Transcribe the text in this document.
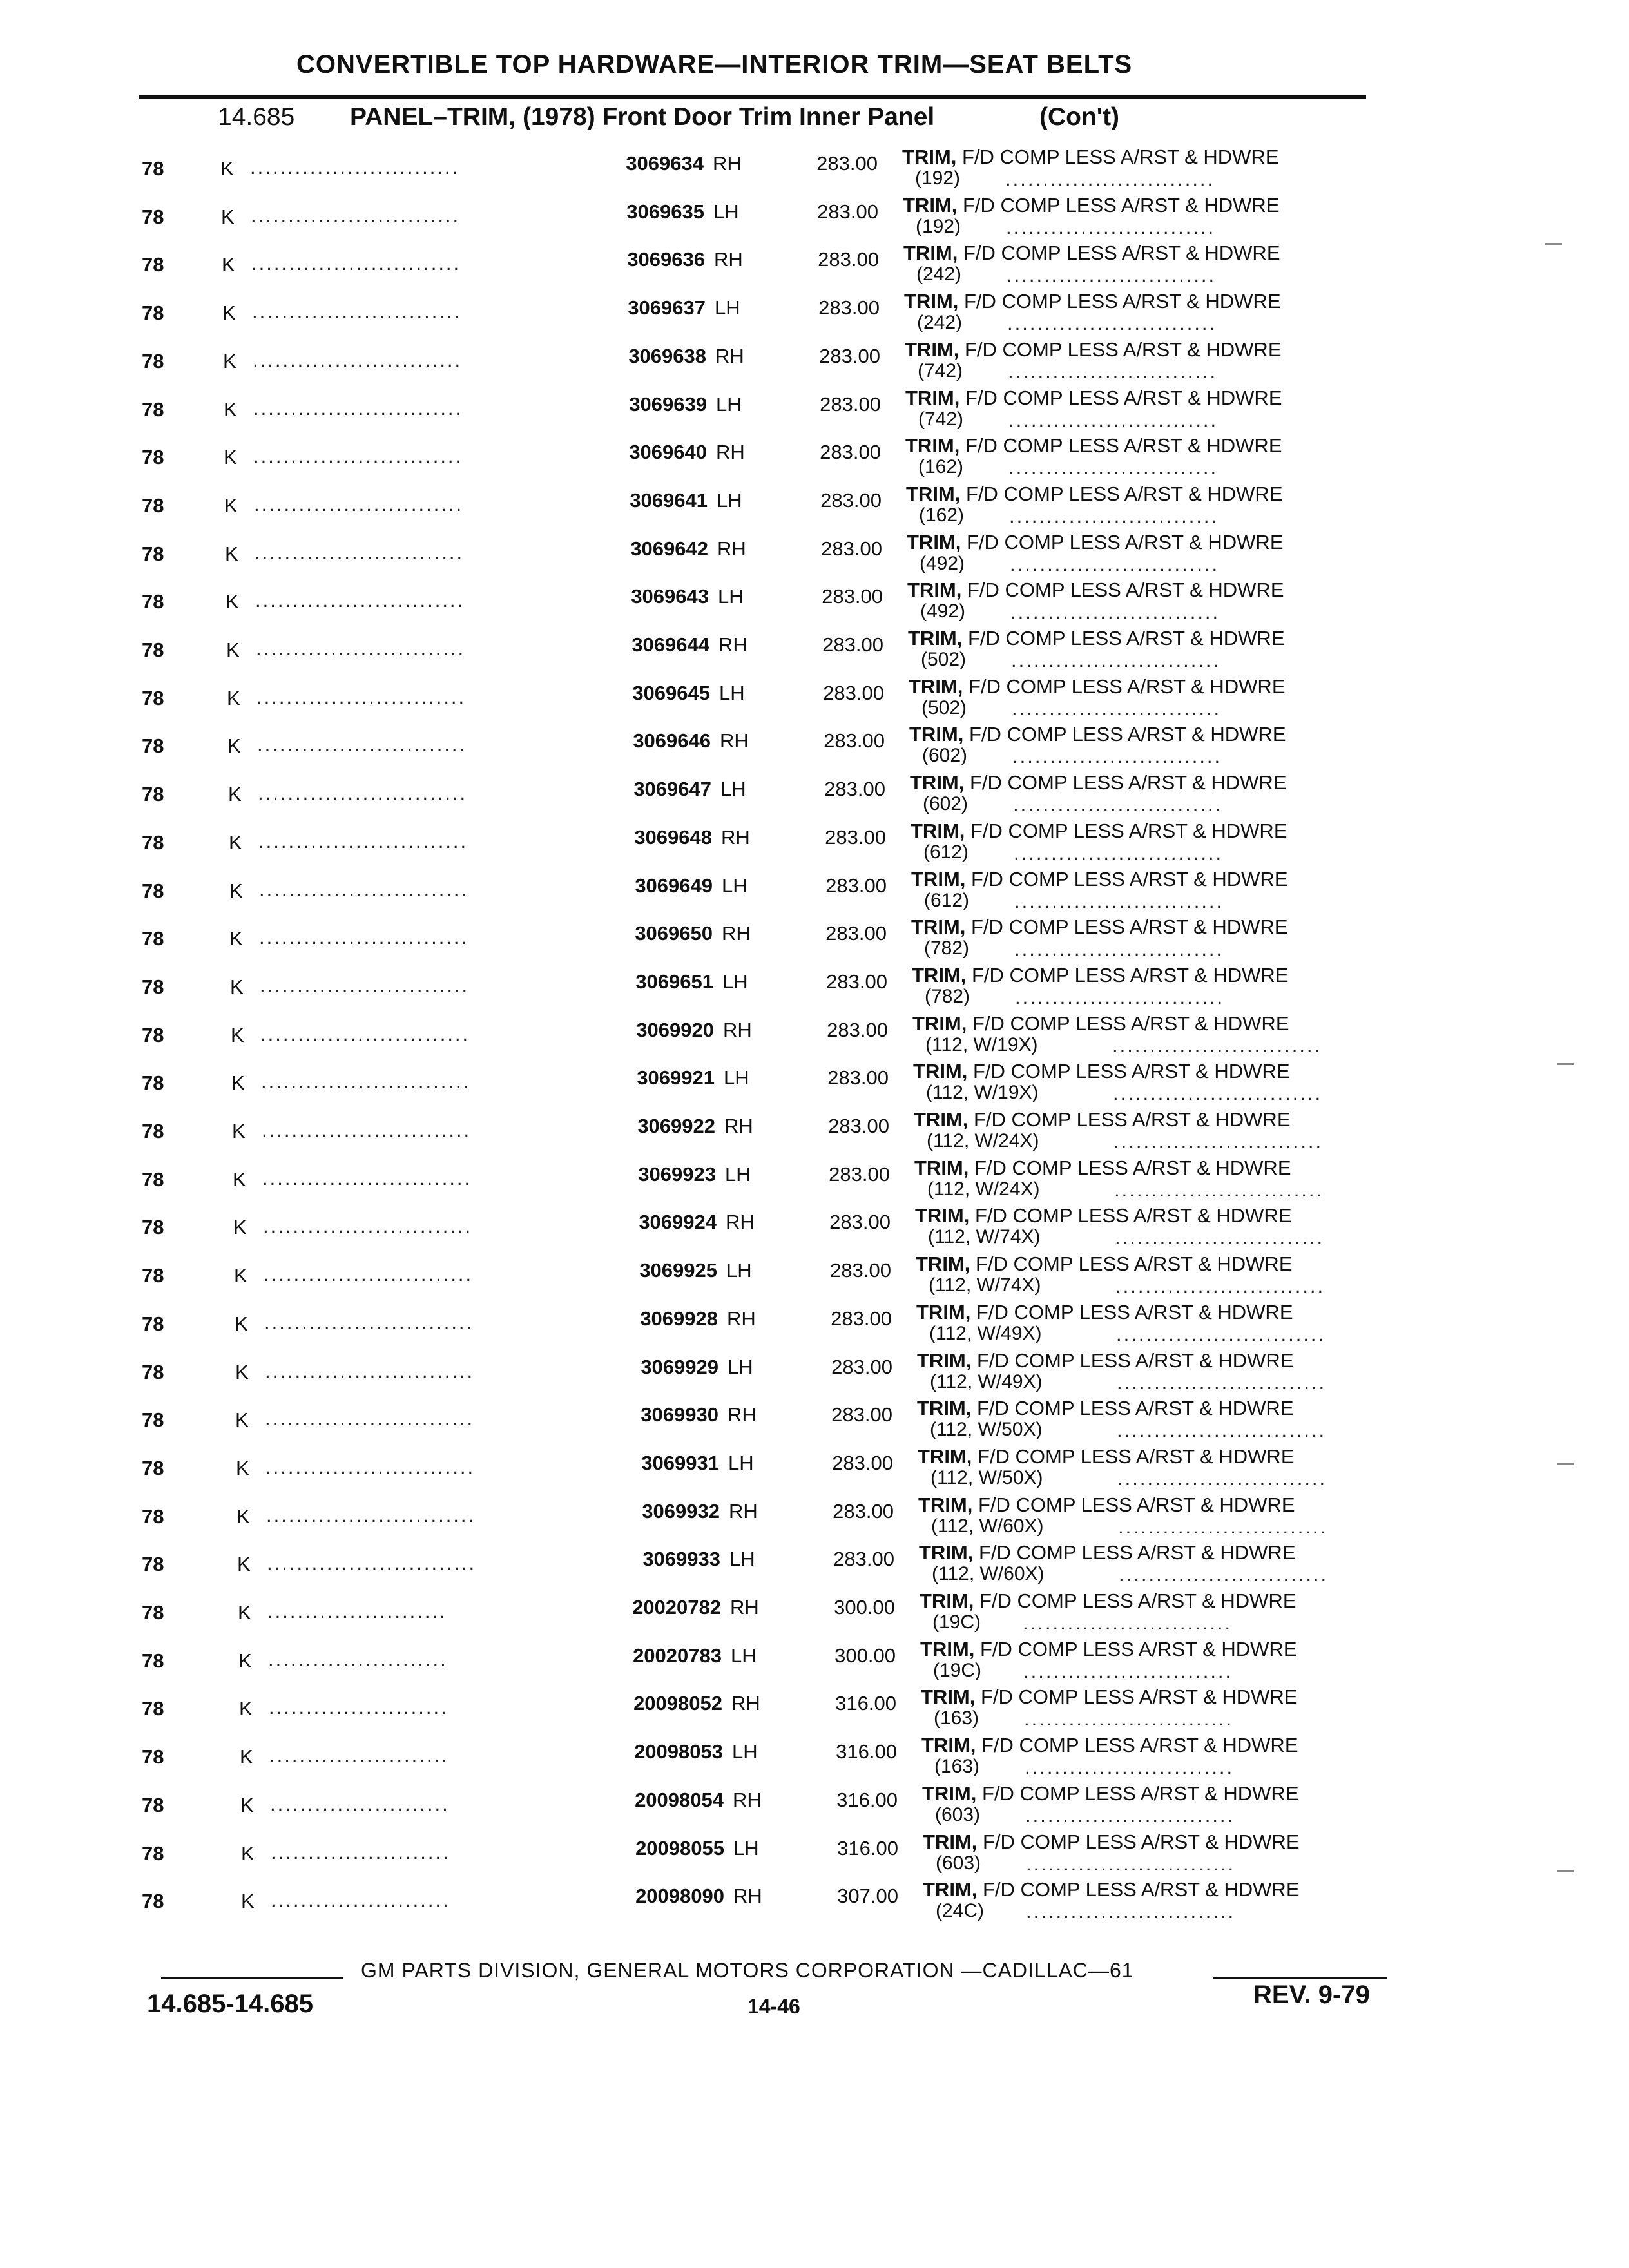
CONVERTIBLE TOP HARDWARE—INTERIOR TRIM—SEAT BELTS
14.685 PANEL–TRIM, (1978) Front Door Trim Inner Panel	(Con't)
78	K ............................	3069634 RH	283.00 TRIM, F/D COMP LESS A/RST & HDWRE
(192) ............................
78	K ............................	3069635 LH	283.00 TRIM, F/D COMP LESS A/RST & HDWRE
(192) ............................
78	K ............................	3069636 RH	283.00 TRIM, F/D COMP LESS A/RST & HDWRE
(242) ............................
78	K ............................	3069637 LH	283.00 TRIM, F/D COMP LESS A/RST & HDWRE
(242) ............................
78	K ............................	3069638 RH	283.00 TRIM, F/D COMP LESS A/RST & HDWRE
(742) ............................
78	K ............................	3069639 LH	283.00 TRIM, F/D COMP LESS A/RST & HDWRE
(742) ............................
78	K ............................	3069640 RH	283.00 TRIM, F/D COMP LESS A/RST & HDWRE
(162) ............................
78	K ............................	3069641 LH	283.00 TRIM, F/D COMP LESS A/RST & HDWRE
(162) ............................
78	K ............................	3069642 RH	283.00 TRIM, F/D COMP LESS A/RST & HDWRE
(492) ............................
78	K ............................	3069643 LH	283.00 TRIM, F/D COMP LESS A/RST & HDWRE
(492) ............................
78	K ............................	3069644 RH	283.00 TRIM, F/D COMP LESS A/RST & HDWRE
(502) ............................
78	K ............................	3069645 LH	283.00 TRIM, F/D COMP LESS A/RST & HDWRE
(502) ............................
78	K ............................	3069646 RH	283.00 TRIM, F/D COMP LESS A/RST & HDWRE
(602) ............................
78	K ............................	3069647 LH	283.00 TRIM, F/D COMP LESS A/RST & HDWRE
(602) ............................
78	K ............................	3069648 RH	283.00 TRIM, F/D COMP LESS A/RST & HDWRE
(612) ............................
78	K ............................	3069649 LH	283.00 TRIM, F/D COMP LESS A/RST & HDWRE
(612) ............................
78	K ............................	3069650 RH	283.00 TRIM, F/D COMP LESS A/RST & HDWRE
(782) ............................
78	K ............................	3069651 LH	283.00 TRIM, F/D COMP LESS A/RST & HDWRE
(782) ............................
78	K ............................	3069920 RH	283.00 TRIM, F/D COMP LESS A/RST & HDWRE
(112, W/19X)	............................
78	K ............................	3069921 LH	283.00 TRIM, F/D COMP LESS A/RST & HDWRE
(112, W/19X)	............................
78	K ............................	3069922 RH	283.00 TRIM, F/D COMP LESS A/RST & HDWRE
(112, W/24X)	............................
78	K ............................	3069923 LH	283.00 TRIM, F/D COMP LESS A/RST & HDWRE
(112, W/24X)	............................
78	K ............................	3069924 RH	283.00 TRIM, F/D COMP LESS A/RST & HDWRE
(112, W/74X)	............................
78	K ............................	3069925 LH	283.00 TRIM, F/D COMP LESS A/RST & HDWRE
(112, W/74X)	............................
78	K ............................	3069928 RH	283.00 TRIM, F/D COMP LESS A/RST & HDWRE
(112, W/49X)	............................
78	K ............................	3069929 LH	283.00 TRIM, F/D COMP LESS A/RST & HDWRE
(112, W/49X)	............................
78	K ............................	3069930 RH	283.00 TRIM, F/D COMP LESS A/RST & HDWRE
(112, W/50X)	............................
78	K ............................	3069931 LH	283.00 TRIM, F/D COMP LESS A/RST & HDWRE
(112, W/50X)	............................
78	K ............................	3069932 RH	283.00 TRIM, F/D COMP LESS A/RST & HDWRE
(112, W/60X)	............................
78	K ............................	3069933 LH	283.00 TRIM, F/D COMP LESS A/RST & HDWRE
(112, W/60X)	............................
78	K ........................	20020782 RH	300.00 TRIM, F/D COMP LESS A/RST & HDWRE
(19C) ............................
78	K ........................	20020783 LH	300.00 TRIM, F/D COMP LESS A/RST & HDWRE
(19C) ............................
78	K ........................	20098052 RH	316.00 TRIM, F/D COMP LESS A/RST & HDWRE
(163) ............................
78	K ........................	20098053 LH	316.00 TRIM, F/D COMP LESS A/RST & HDWRE
(163) ............................
78	K ........................	20098054 RH	316.00 TRIM, F/D COMP LESS A/RST & HDWRE
(603) ............................
78	K ........................	20098055 LH	316.00 TRIM, F/D COMP LESS A/RST & HDWRE
(603) ............................
78	K ........................	20098090 RH	307.00 TRIM, F/D COMP LESS A/RST & HDWRE
(24C) ............................
GM PARTS DIVISION, GENERAL MOTORS CORPORATION —CADILLAC—61
14.685-14.685	14-46	REV. 9-79
